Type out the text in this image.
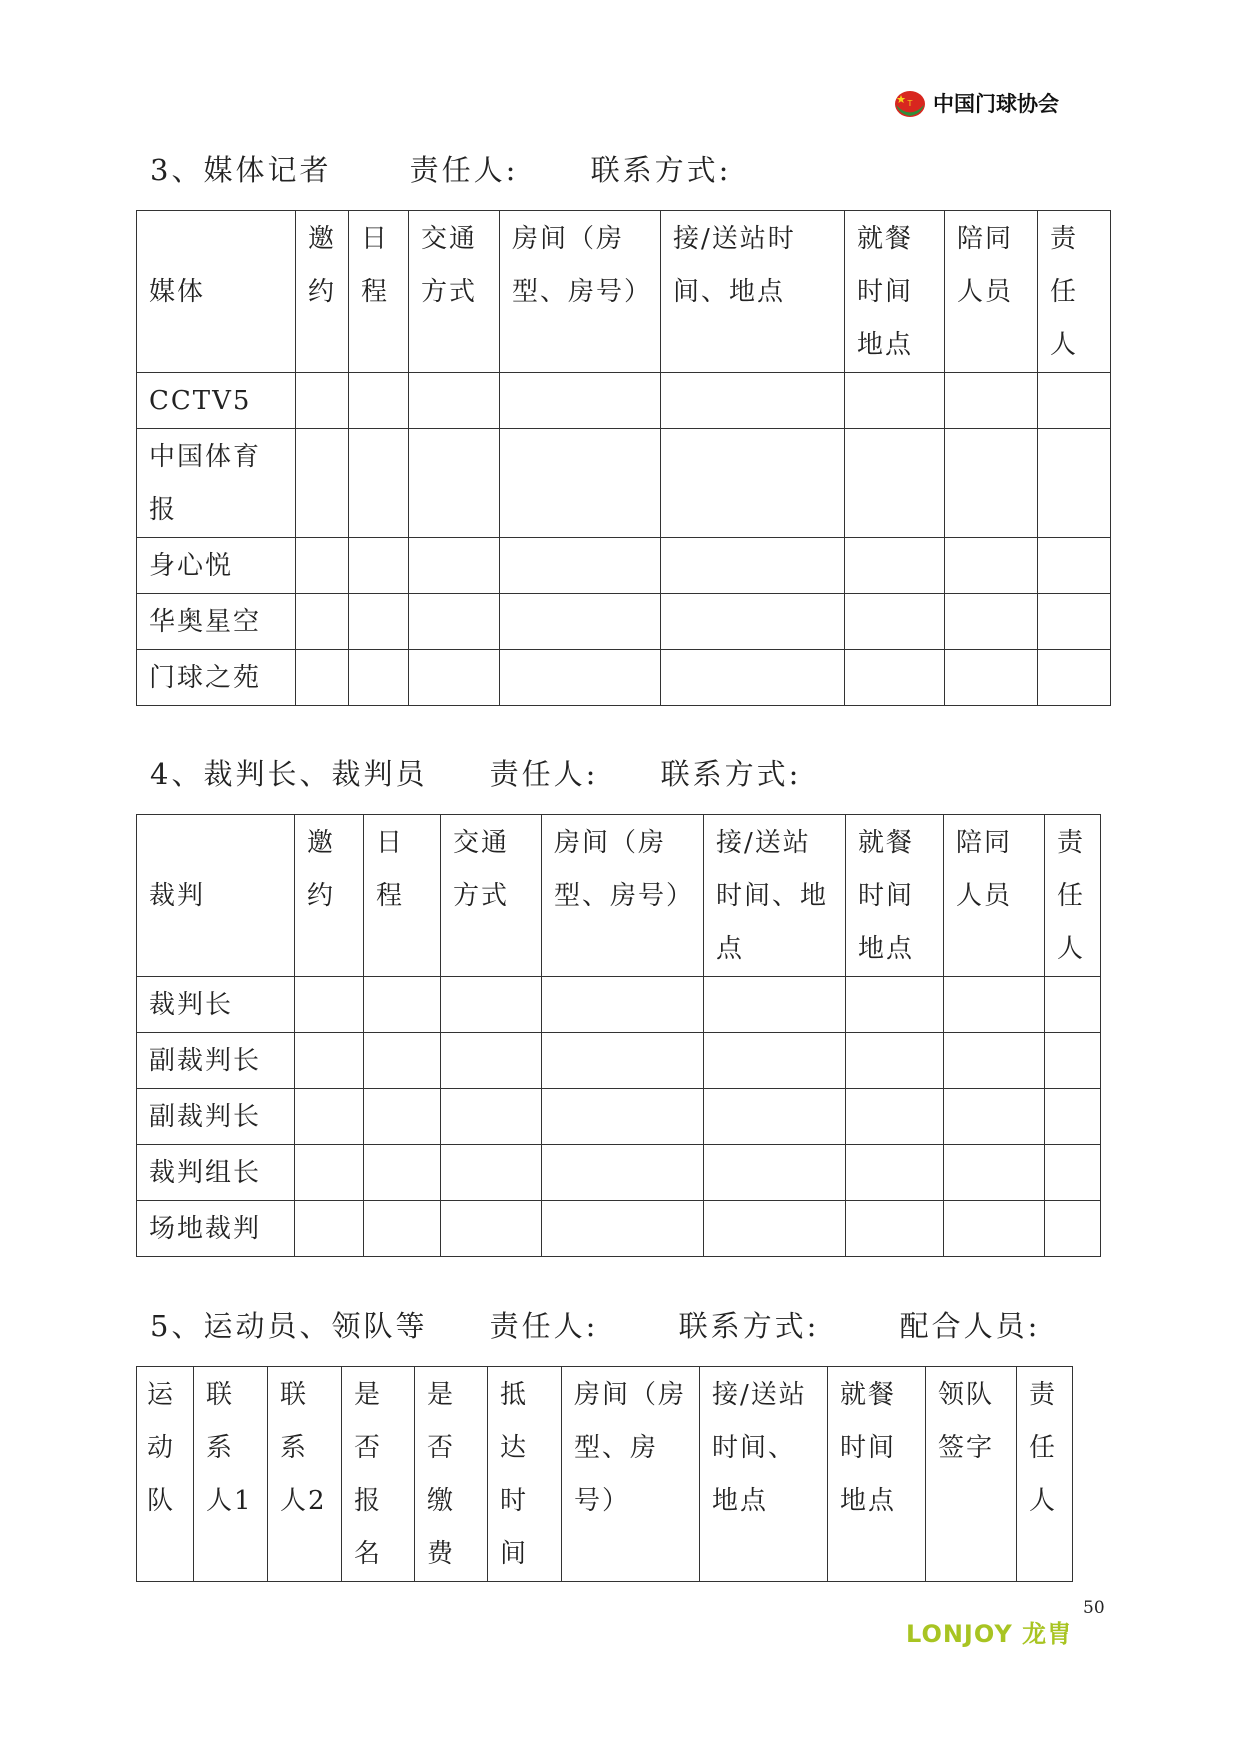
T 中国门球协会
3、媒体记者	责任人: 联系方式:
媒体	邀约	日程	交通方式	房间（房型、房号）	接/送站时间、地点	就餐时间地点	陪同人员	责任人
CCTV5								
中国体育报								
身心悦								
华奥星空								
门球之苑								
4、裁判长、裁判员 责任人: 联系方式:
裁判	邀约	日程	交通方式	房间（房型、房号）	接/送站时间、地点	就餐时间地点	陪同人员	责任人
裁判长								
副裁判长								
副裁判长								
裁判组长								
场地裁判								
5、运动员、领队等 责任人:	联系方式:	配合人员:
运动队	联系人1	联系人2	是否报名	是否缴费	抵达时间	房间（房型、房号）	接/送站时间、地点	就餐时间地点	领队签字	责任人
LONJOY 龙胄
50
